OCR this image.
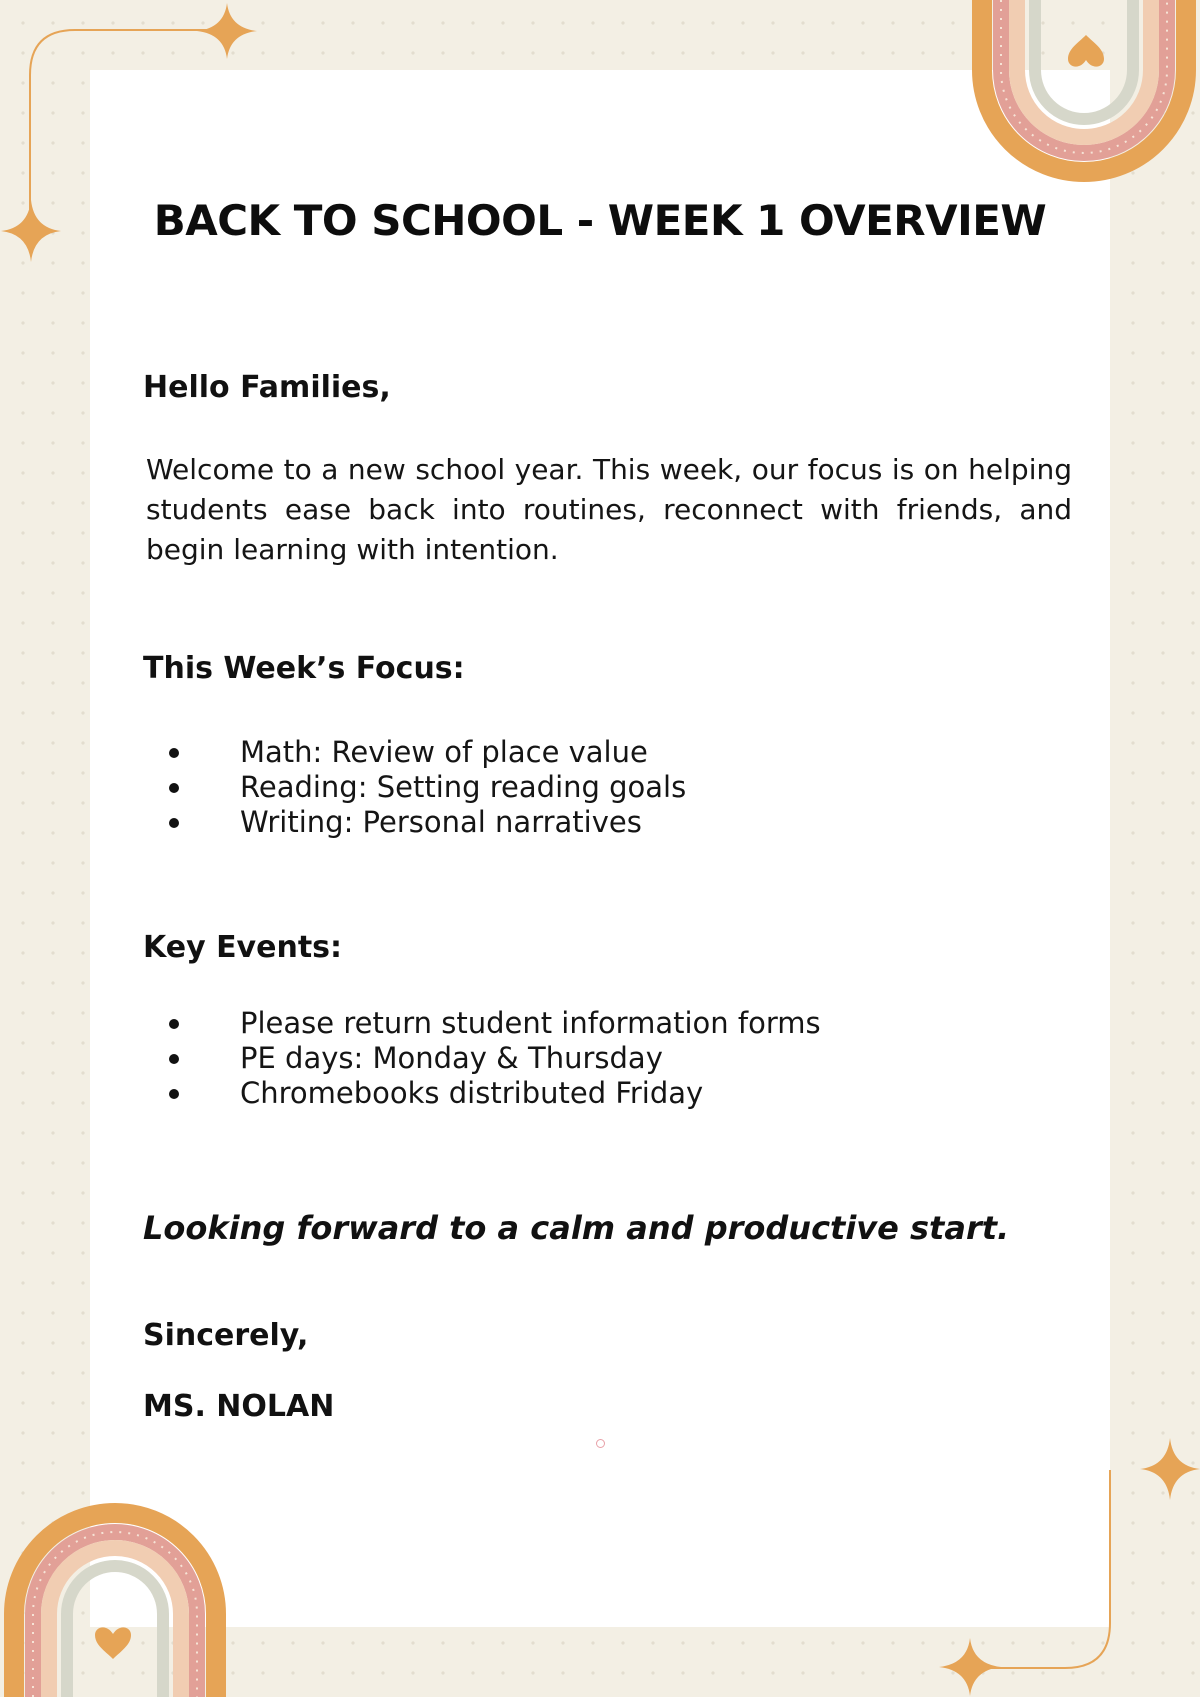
BACK TO SCHOOL - WEEK 1 OVERVIEW

Hello Families,

Welcome to a new school year. This week, our focus is on helping students ease back into routines, reconnect with friends, and begin learning with intention.

This Week’s Focus:

Math: Review of place value
Reading: Setting reading goals
Writing: Personal narratives

Key Events:

Please return student information forms
PE days: Monday & Thursday
Chromebooks distributed Friday

Looking forward to a calm and productive start.

Sincerely,

MS. NOLAN
